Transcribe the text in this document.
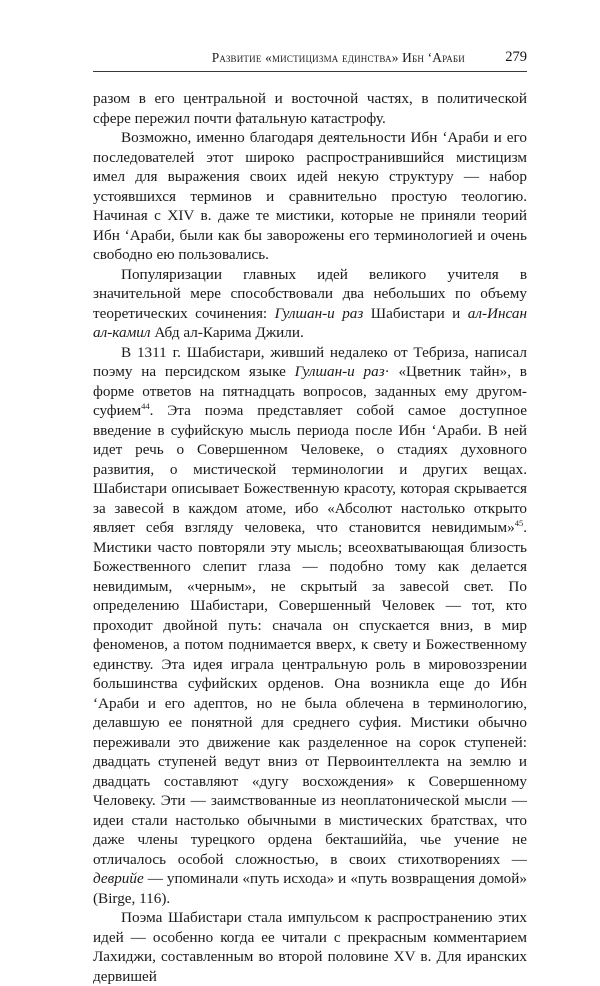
Развитие «мистицизма единства» Ибн ʻАраби	279

разом в его центральной и восточной частях, в политической сфере пережил почти фатальную катастрофу.

Возможно, именно благодаря деятельности Ибн ʻАраби и его последователей этот широко распространившийся мистицизм имел для выражения своих идей некую структуру — набор устоявшихся терминов и сравнительно простую теологию. Начиная с XIV в. даже те мистики, которые не приняли теорий Ибн ʻАраби, были как бы заворожены его терминологией и очень свободно ею пользовались.

Популяризации главных идей великого учителя в значительной мере способствовали два небольших по объему теоретических сочинения: Гулшан-и раз Шабистари и ал-Инсан ал-камил Абд ал-Карима Джили.

В 1311 г. Шабистари, живший недалеко от Тебриза, написал поэму на персидском языке Гулшан-и раз· «Цветник тайн», в форме ответов на пятнадцать вопросов, заданных ему другом-суфием$^{44}$. Эта поэма представляет собой самое доступное введение в суфийскую мысль периода после Ибн ʻАраби. В ней идет речь о Совершенном Человеке, о стадиях духовного развития, о мистической терминологии и других вещах. Шабистари описывает Божественную красоту, которая скрывается за завесой в каждом атоме, ибо «Абсолют настолько открыто являет себя взгляду человека, что становится невидимым»$^{45}$. Мистики часто повторяли эту мысль; всеохватывающая близость Божественного слепит глаза — подобно тому как делается невидимым, «черным», не скрытый за завесой свет. По определению Шабистари, Совершенный Человек — тот, кто проходит двойной путь: сначала он спускается вниз, в мир феноменов, а потом поднимается вверх, к свету и Божественному единству. Эта идея играла центральную роль в мировоззрении большинства суфийских орденов. Она возникла еще до Ибн ʻАраби и его адептов, но не была облечена в терминологию, делавшую ее понятной для среднего суфия. Мистики обычно переживали это движение как разделенное на сорок ступеней: двадцать ступеней ведут вниз от Первоинтеллекта на землю и двадцать составляют «дугу восхождения» к Совершенному Человеку. Эти — заимствованные из неоплатонической мысли — идеи стали настолько обычными в мистических братствах, что даже члены турецкого ордена бекташиййа, чье учение не отличалось особой сложностью, в своих стихотворениях — деврийе — упоминали «путь исхода» и «путь возвращения домой» (Birge, 116).

Поэма Шабистари стала импульсом к распространению этих идей — особенно когда ее читали с прекрасным комментарием Лахиджи, составленным во второй половине XV в. Для иранских дервишей
